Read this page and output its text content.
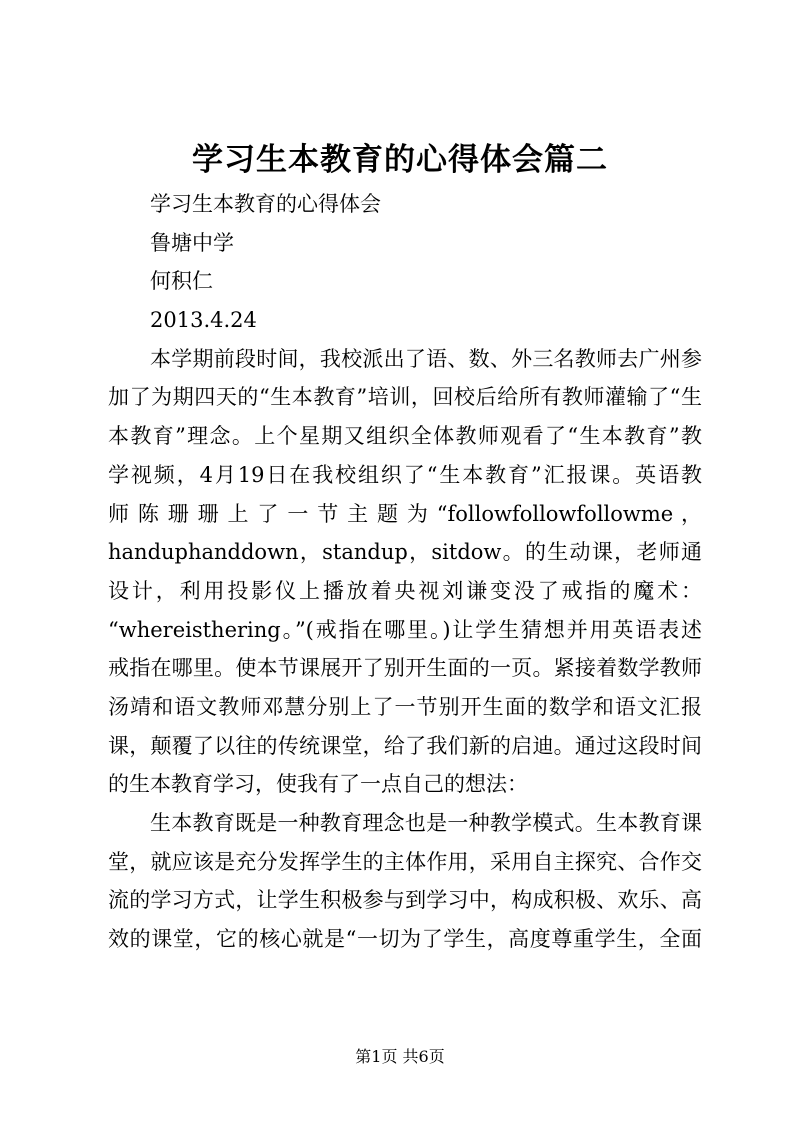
学习生本教育的心得体会篇二
学习生本教育的心得体会
鲁塘中学
何积仁
2013.4.24
本学期前段时间，我校派出了语、数、外三名教师去广州参
加了为期四天的“生本教育”培训，回校后给所有教师灌输了“生
本教育”理念。上个星期又组织全体教师观看了“生本教育”教
学视频，4月19日在我校组织了“生本教育”汇报课。英语教
师 陈 珊 珊 上 了 一 节 主 题 为 “followfollowfollowme ，
handuphanddown，standup，sitdow。的生动课，老师通
设计，利用投影仪上播放着央视刘谦变没了戒指的魔术：
“whereisthering。”(戒指在哪里。)让学生猜想并用英语表述
戒指在哪里。使本节课展开了别开生面的一页。紧接着数学教师
汤靖和语文教师邓慧分别上了一节别开生面的数学和语文汇报
课，颠覆了以往的传统课堂，给了我们新的启迪。通过这段时间
的生本教育学习，使我有了一点自己的想法：
生本教育既是一种教育理念也是一种教学模式。生本教育课
堂，就应该是充分发挥学生的主体作用，采用自主探究、合作交
流的学习方式，让学生积极参与到学习中，构成积极、欢乐、高
效的课堂，它的核心就是“一切为了学生，高度尊重学生，全面
第1页 共6页
